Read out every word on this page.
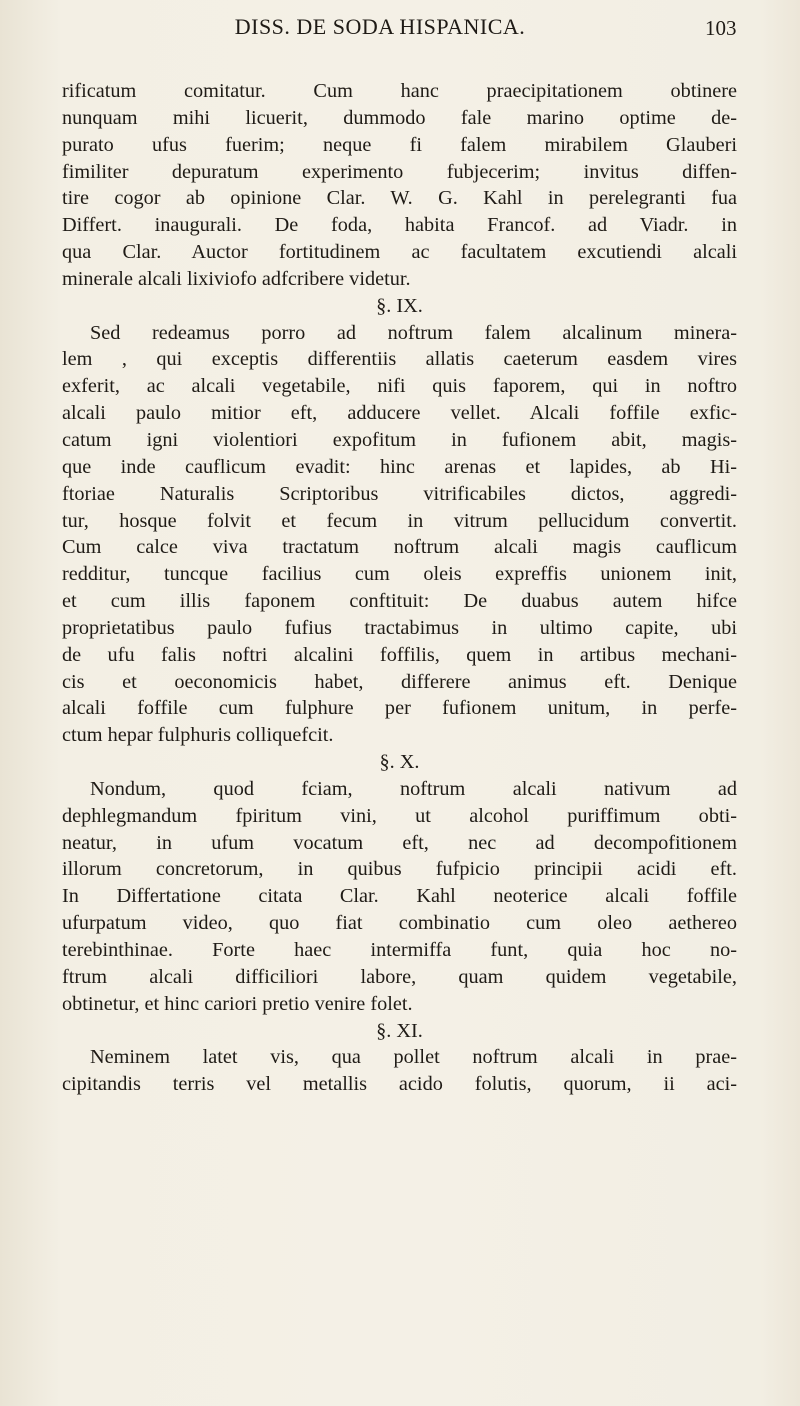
DISS. DE SODA HISPANICA.	103
rificatum comitatur. Cum hanc praecipitationem obtinere
nunquam mihi licuerit, dummodo fale marino optime de-
purato ufus fuerim; neque fi falem mirabilem Glauberi
fimiliter depuratum experimento fubjecerim; invitus diffen-
tire cogor ab opinione Clar. W. G. Kahl in perelegranti fua
Differt. inaugurali. De foda, habita Francof. ad Viadr. in
qua Clar. Auctor fortitudinem ac facultatem excutiendi alcali
minerale alcali lixiviofo adfcribere videtur.
§. IX.
Sed redeamus porro ad noftrum falem alcalinum minera-
lem , qui exceptis differentiis allatis caeterum easdem vires
exferit, ac alcali vegetabile, nifi quis faporem, qui in noftro
alcali paulo mitior eft, adducere vellet. Alcali foffile exfic-
catum igni violentiori expofitum in fufionem abit, magis-
que inde cauflicum evadit: hinc arenas et lapides, ab Hi-
ftoriae Naturalis Scriptoribus vitrificabiles dictos, aggredi-
tur, hosque folvit et fecum in vitrum pellucidum convertit.
Cum calce viva tractatum noftrum alcali magis cauflicum
redditur, tuncque facilius cum oleis expreffis unionem init,
et cum illis faponem conftituit: De duabus autem hifce
proprietatibus paulo fufius tractabimus in ultimo capite, ubi
de ufu falis noftri alcalini foffilis, quem in artibus mechani-
cis et oeconomicis habet, differere animus eft. Denique
alcali foffile cum fulphure per fufionem unitum, in perfe-
ctum hepar fulphuris colliquefcit.
§. X.
Nondum, quod fciam, noftrum alcali nativum ad
dephlegmandum fpiritum vini, ut alcohol puriffimum obti-
neatur, in ufum vocatum eft, nec ad decompofitionem
illorum concretorum, in quibus fufpicio principii acidi eft.
In Differtatione citata Clar. Kahl neoterice alcali foffile
ufurpatum video, quo fiat combinatio cum oleo aethereo
terebinthinae. Forte haec intermiffa funt, quia hoc no-
ftrum alcali difficiliori labore, quam quidem vegetabile,
obtinetur, et hinc cariori pretio venire folet.
§. XI.
Neminem latet vis, qua pollet noftrum alcali in prae-
cipitandis terris vel metallis acido folutis, quorum, ii aci-
